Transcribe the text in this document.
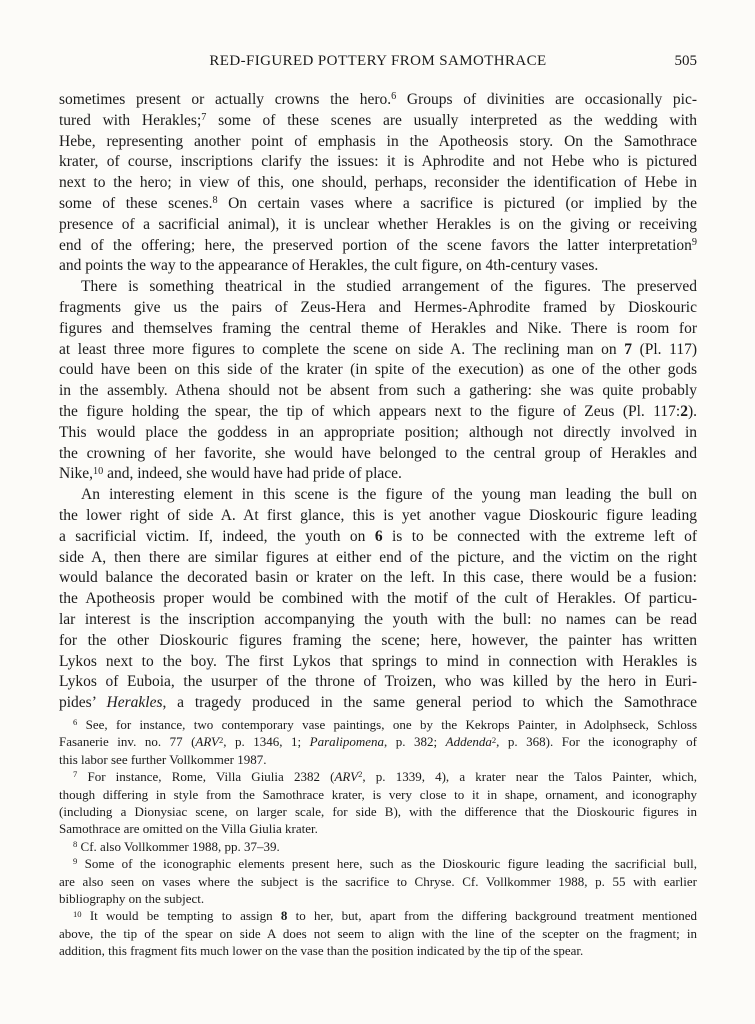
RED-FIGURED POTTERY FROM SAMOTHRACE	505
sometimes present or actually crowns the hero.$^6$ Groups of divinities are occasionally pic-
tured with Herakles;$^7$ some of these scenes are usually interpreted as the wedding with
Hebe, representing another point of emphasis in the Apotheosis story. On the Samothrace
krater, of course, inscriptions clarify the issues: it is Aphrodite and not Hebe who is pictured
next to the hero; in view of this, one should, perhaps, reconsider the identification of Hebe in
some of these scenes.$^8$ On certain vases where a sacrifice is pictured (or implied by the
presence of a sacrificial animal), it is unclear whether Herakles is on the giving or receiving
end of the offering; here, the preserved portion of the scene favors the latter interpretation$^9$
and points the way to the appearance of Herakles, the cult figure, on 4th-century vases.
There is something theatrical in the studied arrangement of the figures. The preserved
fragments give us the pairs of Zeus-Hera and Hermes-Aphrodite framed by Dioskouric
figures and themselves framing the central theme of Herakles and Nike. There is room for
at least three more figures to complete the scene on side A. The reclining man on 7 (Pl. 117)
could have been on this side of the krater (in spite of the execution) as one of the other gods
in the assembly. Athena should not be absent from such a gathering: she was quite probably
the figure holding the spear, the tip of which appears next to the figure of Zeus (Pl. 117:2).
This would place the goddess in an appropriate position; although not directly involved in
the crowning of her favorite, she would have belonged to the central group of Herakles and
Nike,$^{10}$ and, indeed, she would have had pride of place.
An interesting element in this scene is the figure of the young man leading the bull on
the lower right of side A. At first glance, this is yet another vague Dioskouric figure leading
a sacrificial victim. If, indeed, the youth on 6 is to be connected with the extreme left of
side A, then there are similar figures at either end of the picture, and the victim on the right
would balance the decorated basin or krater on the left. In this case, there would be a fusion:
the Apotheosis proper would be combined with the motif of the cult of Herakles. Of particu-
lar interest is the inscription accompanying the youth with the bull: no names can be read
for the other Dioskouric figures framing the scene; here, however, the painter has written
Lykos next to the boy. The first Lykos that springs to mind in connection with Herakles is
Lykos of Euboia, the usurper of the throne of Troizen, who was killed by the hero in Euri-
pides’ Herakles, a tragedy produced in the same general period to which the Samothrace
$^6$ See, for instance, two contemporary vase paintings, one by the Kekrops Painter, in Adolphseck, Schloss
Fasanerie inv. no. 77 (ARV$^2$, p. 1346, 1; Paralipomena, p. 382; Addenda$^2$, p. 368). For the iconography of
this labor see further Vollkommer 1987.
$^7$ For instance, Rome, Villa Giulia 2382 (ARV$^2$, p. 1339, 4), a krater near the Talos Painter, which,
though differing in style from the Samothrace krater, is very close to it in shape, ornament, and iconography
(including a Dionysiac scene, on larger scale, for side B), with the difference that the Dioskouric figures in
Samothrace are omitted on the Villa Giulia krater.
$^8$ Cf. also Vollkommer 1988, pp. 37–39.
$^9$ Some of the iconographic elements present here, such as the Dioskouric figure leading the sacrificial bull,
are also seen on vases where the subject is the sacrifice to Chryse. Cf. Vollkommer 1988, p. 55 with earlier
bibliography on the subject.
$^{10}$ It would be tempting to assign 8 to her, but, apart from the differing background treatment mentioned
above, the tip of the spear on side A does not seem to align with the line of the scepter on the fragment; in
addition, this fragment fits much lower on the vase than the position indicated by the tip of the spear.
